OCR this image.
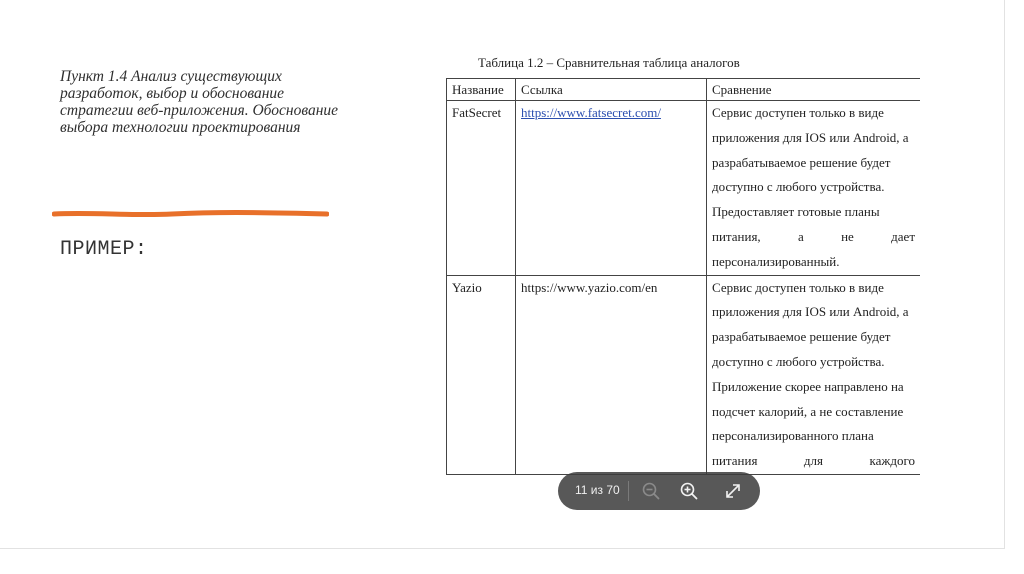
Пункт 1.4 Анализ существующих разработок, выбор и обоснование стратегии веб-приложения. Обоснование выбора технологии проектирования

ПРИМЕР:

Таблица 1.2 – Сравнительная таблица аналогов
Название	Ссылка	Сравнение
FatSecret	https://www.fatsecret.com/	Сервис доступен только в виде приложения для IOS или Android, а разрабатываемое решение будет доступно с любого устройства. Предоставляет готовые планы питания, а не дает
персонализированный.

Yazio	https://www.yazio.com/en	Сервис доступен только в виде приложения для IOS или Android, а разрабатываемое решение будет доступно с любого устройства. Приложение скорее направлено на подсчет калорий, а не составление персонализированного плана питания для каждого
11 из 70
